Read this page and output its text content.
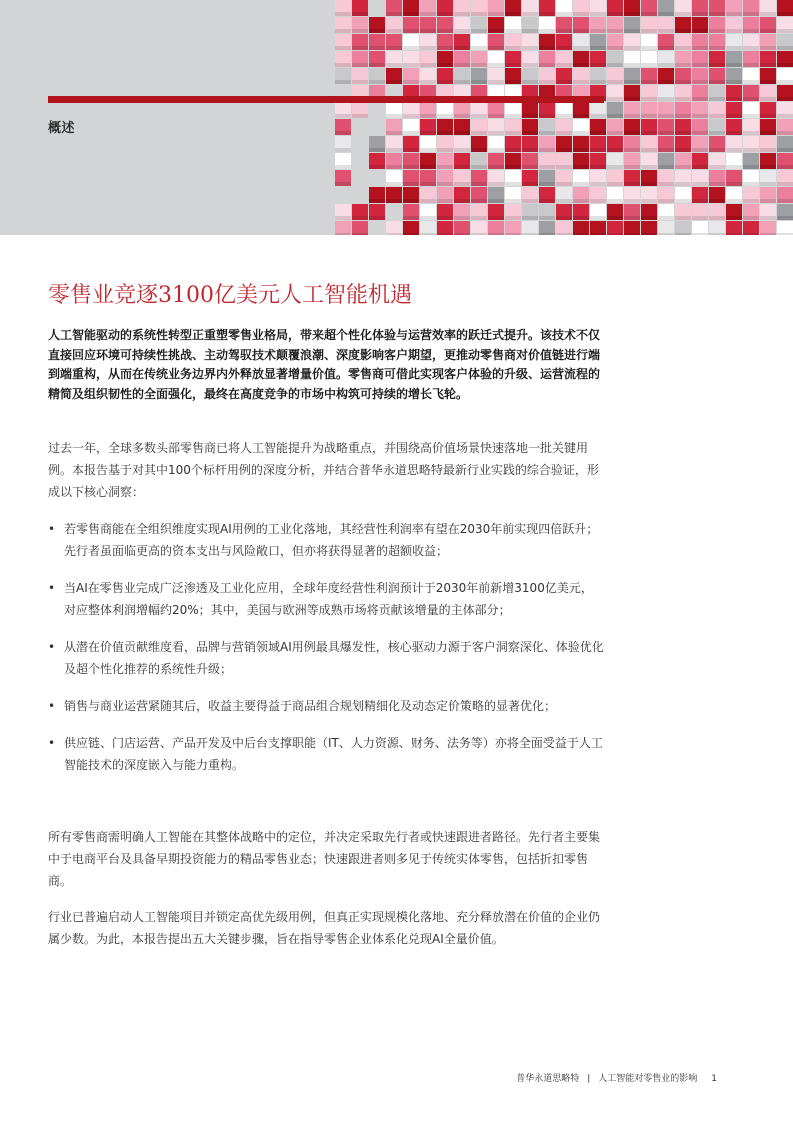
概述
零售业竞逐3100亿美元人工智能机遇
人工智能驱动的系统性转型正重塑零售业格局，带来超个性化体验与运营效率的跃迁式提升。该技术不仅直接回应环境可持续性挑战、主动驾驭技术颠覆浪潮、深度影响客户期望，更推动零售商对价值链进行端到端重构，从而在传统业务边界内外释放显著增量价值。零售商可借此实现客户体验的升级、运营流程的精简及组织韧性的全面强化，最终在高度竞争的市场中构筑可持续的增长飞轮。
过去一年，全球多数头部零售商已将人工智能提升为战略重点，并围绕高价值场景快速落地一批关键用例。本报告基于对其中100个标杆用例的深度分析，并结合普华永道思略特最新行业实践的综合验证，形成以下核心洞察：
• 若零售商能在全组织维度实现AI用例的工业化落地，其经营性利润率有望在2030年前实现四倍跃升；先行者虽面临更高的资本支出与风险敞口，但亦将获得显著的超额收益；
• 当AI在零售业完成广泛渗透及工业化应用，全球年度经营性利润预计于2030年前新增3100亿美元，对应整体利润增幅约20%；其中，美国与欧洲等成熟市场将贡献该增量的主体部分；
• 从潜在价值贡献维度看，品牌与营销领域AI用例最具爆发性，核心驱动力源于客户洞察深化、体验优化及超个性化推荐的系统性升级；
• 销售与商业运营紧随其后，收益主要得益于商品组合规划精细化及动态定价策略的显著优化；
• 供应链、门店运营、产品开发及中后台支撑职能（IT、人力资源、财务、法务等）亦将全面受益于人工智能技术的深度嵌入与能力重构。
所有零售商需明确人工智能在其整体战略中的定位，并决定采取先行者或快速跟进者路径。先行者主要集中于电商平台及具备早期投资能力的精品零售业态；快速跟进者则多见于传统实体零售，包括折扣零售商。
行业已普遍启动人工智能项目并锁定高优先级用例，但真正实现规模化落地、充分释放潜在价值的企业仍属少数。为此，本报告提出五大关键步骤，旨在指导零售企业体系化兑现AI全量价值。
普华永道思略特 | 人工智能对零售业的影响 1
